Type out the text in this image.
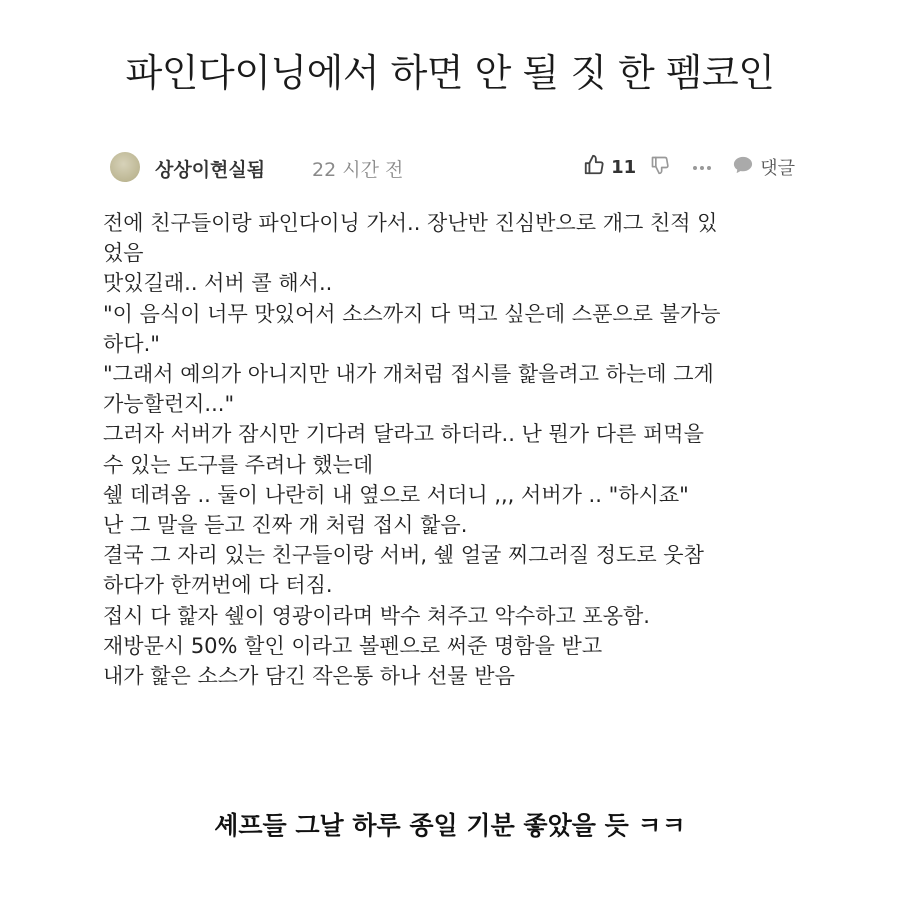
파인다이닝에서 하면 안 될 짓 한 펨코인
상상이현실됨 22 시간 전	11	댓글
전에 친구들이랑 파인다이닝 가서.. 장난반 진심반으로 개그 친적 있
었음
맛있길래.. 서버 콜 해서..
"이 음식이 너무 맛있어서 소스까지 다 먹고 싶은데 스푼으로 불가능
하다."
"그래서 예의가 아니지만 내가 개처럼 접시를 핥을려고 하는데 그게
가능할런지..."
그러자 서버가 잠시만 기다려 달라고 하더라.. 난 뭔가 다른 퍼먹을
수 있는 도구를 주려나 했는데
쉪 데려옴 .. 둘이 나란히 내 옆으로 서더니 ,,, 서버가 .. "하시죠"
난 그 말을 듣고 진짜 개 처럼 접시 핥음.
결국 그 자리 있는 친구들이랑 서버, 쉪 얼굴 찌그러질 정도로 웃참
하다가 한꺼번에 다 터짐.
접시 다 핥자 쉪이 영광이라며 박수 쳐주고 악수하고 포옹함.
재방문시 50% 할인 이라고 볼펜으로 써준 명함을 받고
내가 핥은 소스가 담긴 작은통 하나 선물 받음
셰프들 그날 하루 종일 기분 좋았을 듯 ㅋㅋ
